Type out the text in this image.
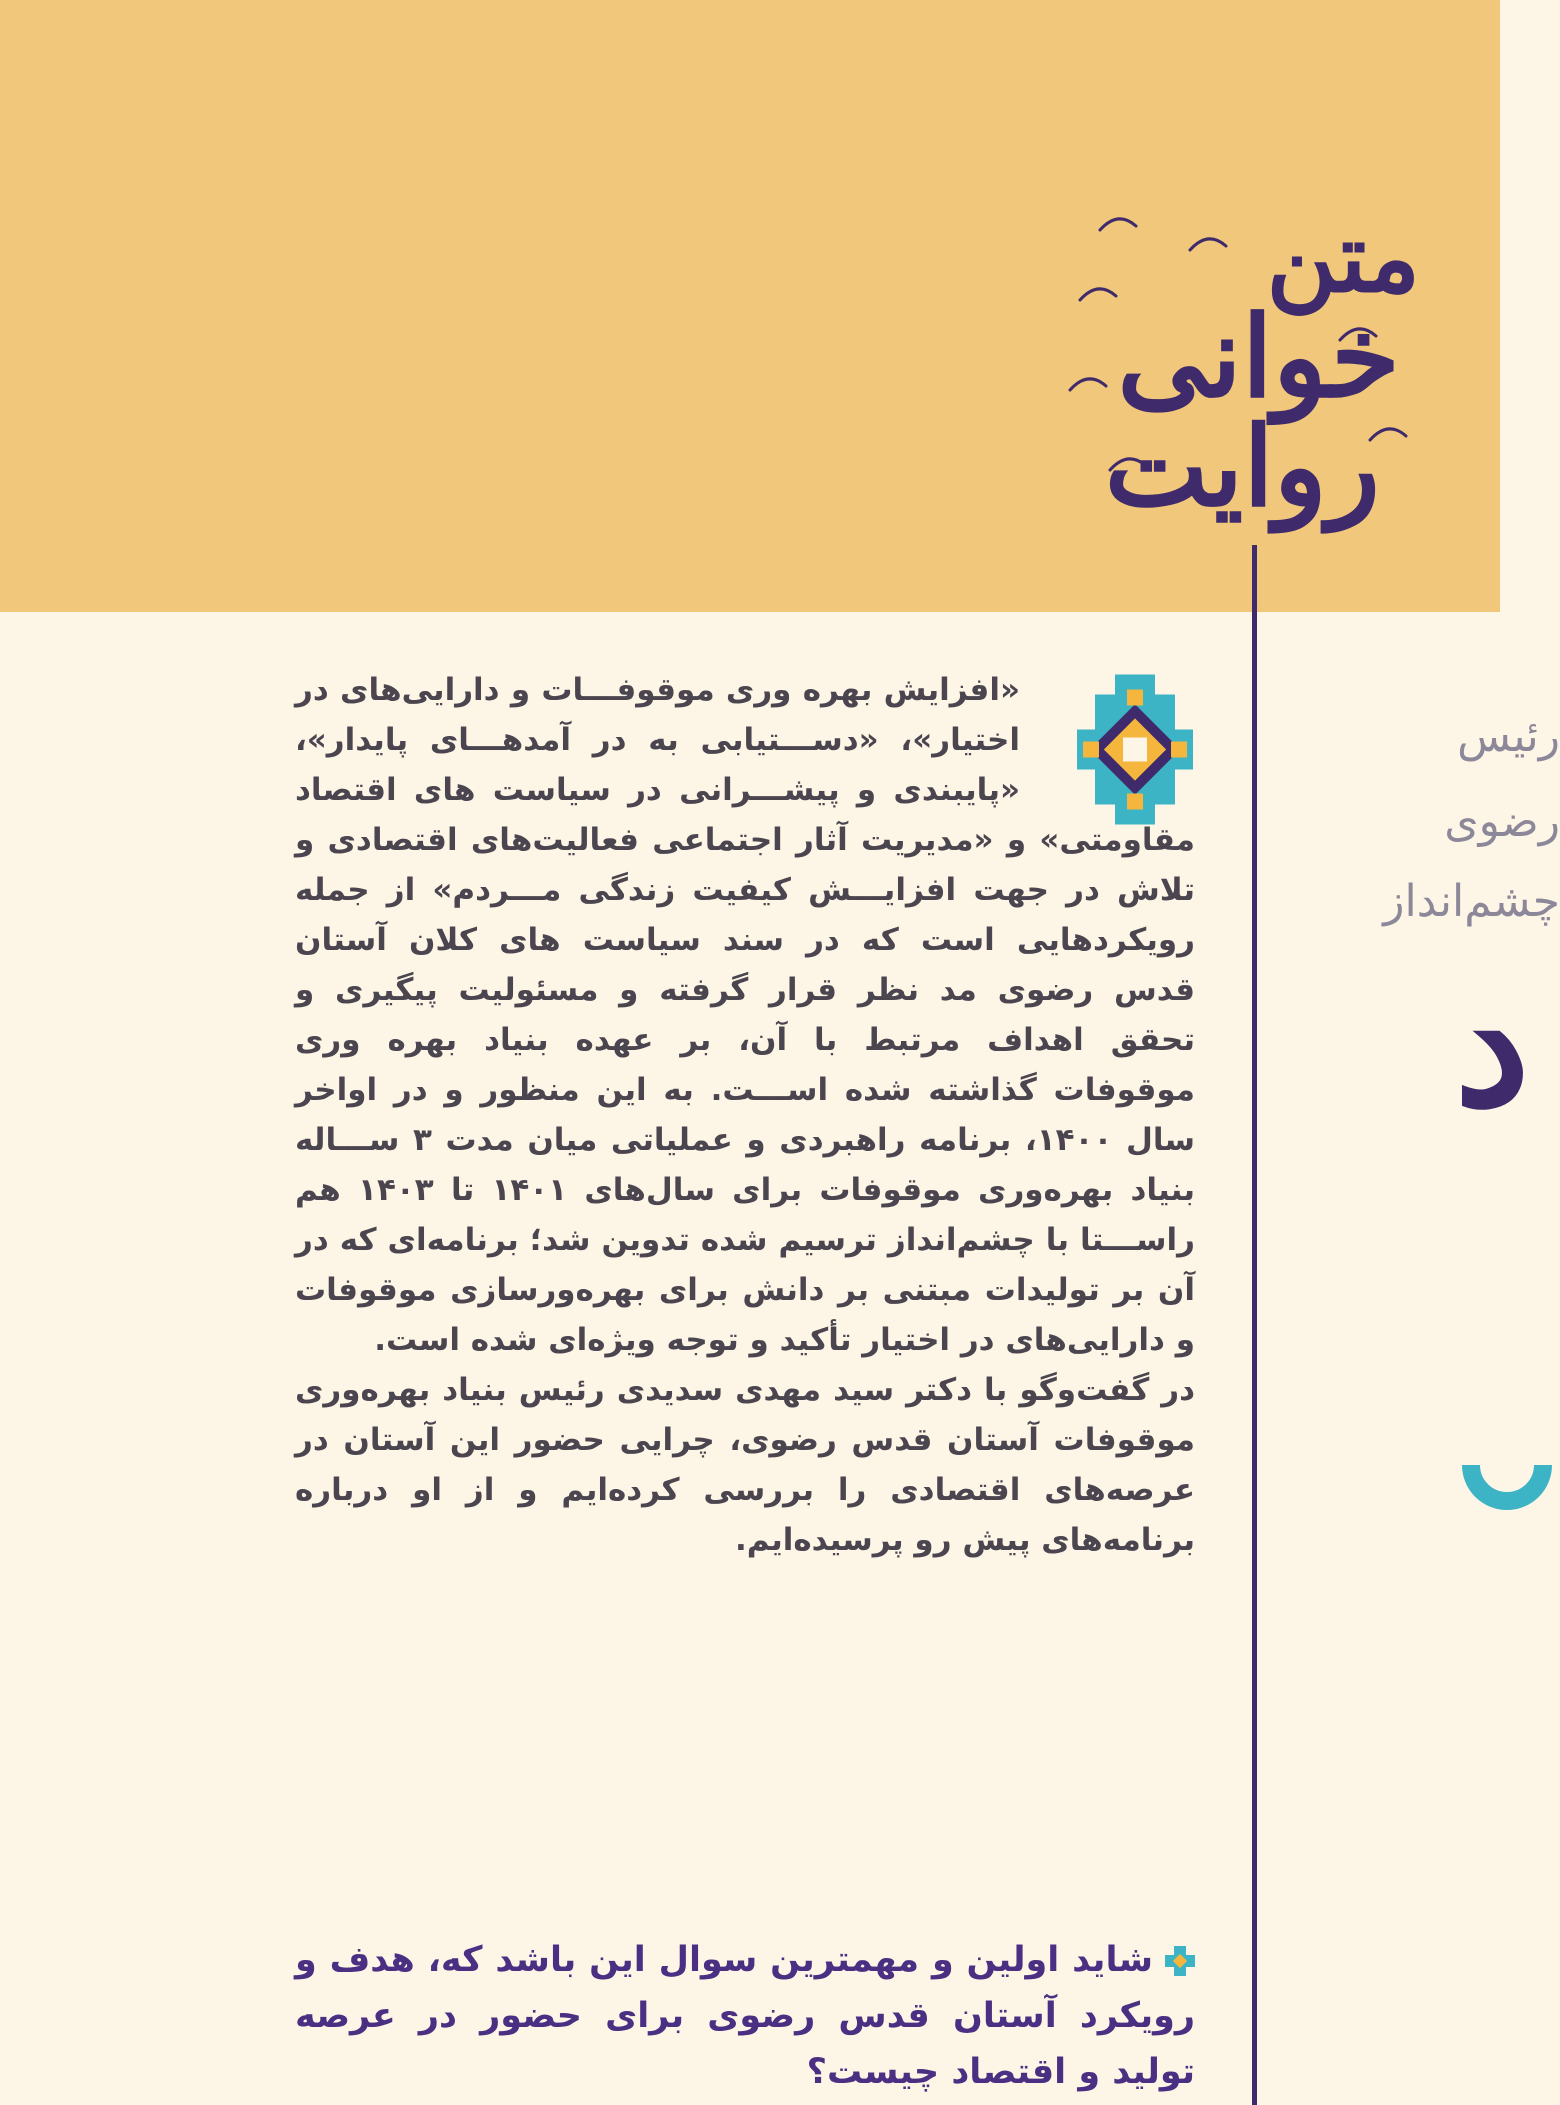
متن
خوانی
روایت
رئیس
رضوی
چشم‌انداز
د

«افزایش بهره وری موقوفـــات و دارایی‌های در اختیار»، «دســـتیابی به در آمدهـــای پایدار»، «پایبندی و پیشـــرانی در سیاست های اقتصاد مقاومتی» و «مدیریت آثار اجتماعی فعالیت‌های اقتصادی و تلاش در جهت افزایـــش کیفیت زندگی مـــردم» از جمله رویکردهایی است که در سند سیاست های کلان آستان قدس رضوی مد نظر قرار گرفته و مسئولیت پیگیری و تحقق اهداف مرتبط با آن، بر عهده بنیاد بهره وری موقوفات گذاشته شده اســـت. به این منظور و در اواخر سال ۱۴۰۰، برنامه راهبردی و عملیاتی میان مدت ۳ ســـاله بنیاد بهره‌وری موقوفات برای سال‌های ۱۴۰۱ تا ۱۴۰۳ هم راســـتا با چشم‌انداز ترسیم شده تدوین شد؛ برنامه‌ای که در آن بر تولیدات مبتنی بر دانش برای بهره‌ورسازی موقوفات و دارایی‌های در اختیار تأکید و توجه ویژه‌ای شده است.

در گفت‌وگو با دکتر سید مهدی سدیدی رئیس بنیاد بهره‌وری موقوفات آستان قدس رضوی، چرایی حضور این آستان در عرصه‌های اقتصادی را بررسی کرده‌ایم و از او درباره برنامه‌های پیش رو پرسیده‌ایم.

شاید اولین و مهمترین سوال این باشد که، هدف و رویکرد آستان قدس رضوی برای حضور در عرصه تولید و اقتصاد چیست؟
